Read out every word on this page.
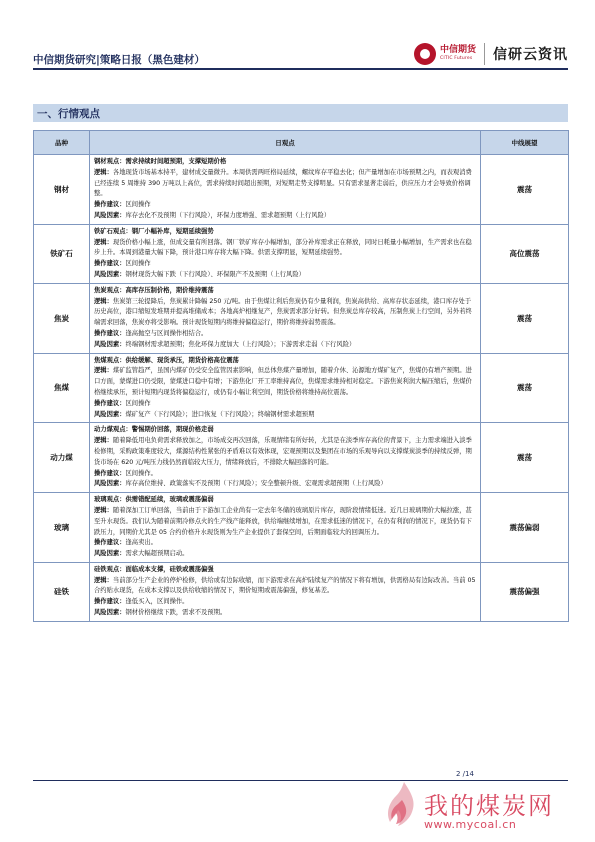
中信期货研究|策略日报（黑色建材）
中信期货
CITIC Futures 信研云资讯
一、行情观点
品种	日观点	中线展望
钢材	钢材观点：需求持续时间超预期，支撑短期价格

逻辑：各地现货市场基本持平，建材成交量微升。本周供需两旺格局延续，螺纹库存平稳去化；但产量增加在市场预期之内，而表观消费已经连续 5 周维持 390 万吨以上高位，需求持续时间超出预期，对短期走势支撑明显。只有需求显著走弱后，供应压力才会导致价格调整。

操作建议：区间操作

风险因素：库存去化不及预期（下行风险），环保力度增强、需求超预期（上行风险）	震荡
铁矿石	铁矿石观点：钢厂小幅补库，短期延续强势

逻辑：现货价格小幅上涨，但成交量有所回落。钢厂铁矿库存小幅增加，部分补库需求正在释放，同时日耗量小幅增加，生产需求也在稳步上升。本周到港量大幅下降，预计港口库存将大幅下降。供需支撑明显，短期延续强势。

操作建议：区间操作

风险因素：钢材现货大幅下跌（下行风险）、环保限产不及预期（上行风险）	高位震荡
焦炭	焦炭观点：高库存压制价格，期价维持震荡

逻辑：焦炭第三轮提降后，焦炭累计降幅 250 元/吨。由于焦煤让利后焦炭仍有少量利润，焦炭高供给、高库存状态延续，港口库存处于历史高位，港口缩短发堆期并提高堆储成本；各地高炉相继复产，焦炭需求部分好转。但焦炭总库存较高，压制焦炭上行空间，另外若终端需求回落，焦炭亦将受影响。预计现货短期内将维持偏稳运行，期价将维持弱势震荡。

操作建议：逢高抛空与区间操作相结合。

风险因素：终端钢材需求超预期；焦化环保力度加大（上行风险）；下游需求走弱（下行风险）	震荡
焦煤	焦煤观点：供给缓解、现货承压，期货价格高位震荡

逻辑：煤矿监管趋严，虽国内煤矿仍受安全监管因素影响，但总体焦煤产量增加，随着介休、沁源地方煤矿复产，焦煤仍有增产预期。进口方面，蒙煤进口仍受限，蒙煤进口稳中有增；下游焦化厂开工率维持高位，焦煤需求维持相对稳定。下游焦炭利润大幅压缩后，焦煤价格继续承压，预计短期内现货将偏稳运行，或仍有小幅让利空间，期货价格将维持高位震荡。

操作建议：区间操作

风险因素：煤矿复产（下行风险）；进口恢复（下行风险）；终端钢材需求超预期	震荡
动力煤	动力煤观点：警惕期价回落，期现价格走弱

逻辑：随着降低用电负荷需求释放加之，市场成交再次回落，乐观情绪有所好转，尤其是在淡季库存高位的背景下，主力需求端进入淡季检修期，采购政策难度较大，煤源结构性紧张的矛盾难以有效体现，宏观预期以及集团在市场的乐观导向以支撑煤炭淡季的持续反弹，期货市场在 620 元/吨压力线仍然面临较大压力，情绪释放后，不排除大幅回落的可能。

操作建议：区间操作。

风险因素：库存高位维持、政策落实不及预期（下行风险）；安全整顿升级、宏观需求超预期（上行风险）	震荡
玻璃	玻璃观点：供需错配延续，玻璃或震荡偏弱

逻辑：随着深加工订单回落，当前由于下游加工企业尚有一定去年冬储的玻璃原片库存，现阶段情绪低迷。近几日玻璃期价大幅拉涨，甚至升水现货。我们认为随着前期冷修点火的生产线产能释放，供给端继续增加，在需求低迷的情况下，在仍有利润的情况下，现货仍有下跌压力，同期价尤其是 05 合约价格升水现货则为生产企业提供了套保空间，后期面临较大的回调压力。

操作建议：逢高卖出。

风险因素：需求大幅超预期启动。	震荡偏弱
硅铁	硅铁观点：面临成本支撑，硅铁或震荡偏强

逻辑：当前部分生产企业的停炉检修，供给或有边际收缩，而下游需求在高炉陆续复产的情况下将有增加，供需格局有边际改善。当前 05 合约贴水现货，在成本支撑以及供给收缩的情况下，期价短期或震荡偏强，修复基差。

操作建议：逢低买入，区间操作。

风险因素：钢材价格继续下跌，需求不及预期。	震荡偏强
2 /14
我的煤炭网
www.mycoal.cn
